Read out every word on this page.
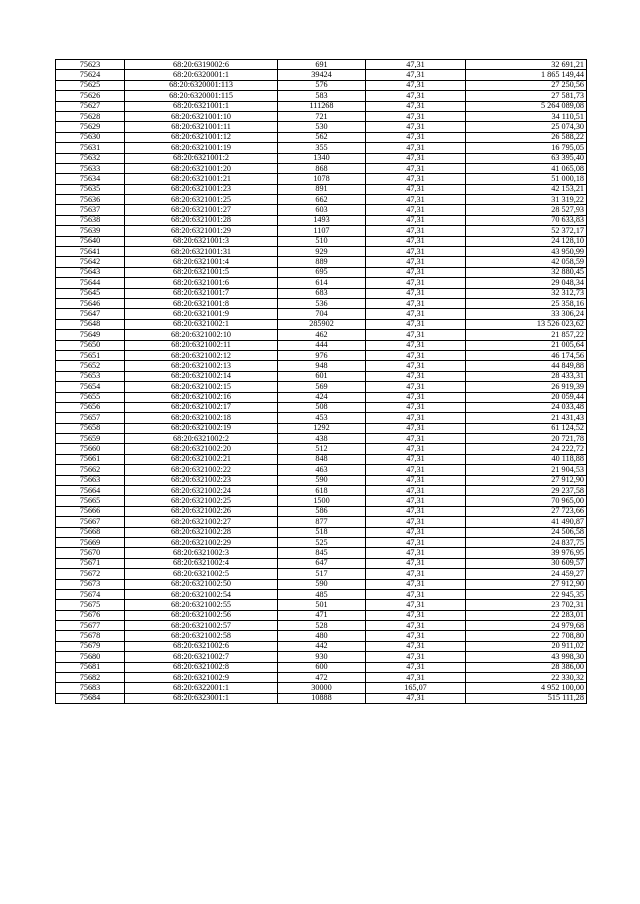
75623	68:20:6319002:6	691	47,31	32 691,21
75624	68:20:6320001:1	39424	47,31	1 865 149,44
75625	68:20:6320001:113	576	47,31	27 250,56
75626	68:20:6320001:115	583	47,31	27 581,73
75627	68:20:6321001:1	111268	47,31	5 264 089,08
75628	68:20:6321001:10	721	47,31	34 110,51
75629	68:20:6321001:11	530	47,31	25 074,30
75630	68:20:6321001:12	562	47,31	26 588,22
75631	68:20:6321001:19	355	47,31	16 795,05
75632	68:20:6321001:2	1340	47,31	63 395,40
75633	68:20:6321001:20	868	47,31	41 065,08
75634	68:20:6321001:21	1078	47,31	51 000,18
75635	68:20:6321001:23	891	47,31	42 153,21
75636	68:20:6321001:25	662	47,31	31 319,22
75637	68:20:6321001:27	603	47,31	28 527,93
75638	68:20:6321001:28	1493	47,31	70 633,83
75639	68:20:6321001:29	1107	47,31	52 372,17
75640	68:20:6321001:3	510	47,31	24 128,10
75641	68:20:6321001:31	929	47,31	43 950,99
75642	68:20:6321001:4	889	47,31	42 058,59
75643	68:20:6321001:5	695	47,31	32 880,45
75644	68:20:6321001:6	614	47,31	29 048,34
75645	68:20:6321001:7	683	47,31	32 312,73
75646	68:20:6321001:8	536	47,31	25 358,16
75647	68:20:6321001:9	704	47,31	33 306,24
75648	68:20:6321002:1	285902	47,31	13 526 023,62
75649	68:20:6321002:10	462	47,31	21 857,22
75650	68:20:6321002:11	444	47,31	21 005,64
75651	68:20:6321002:12	976	47,31	46 174,56
75652	68:20:6321002:13	948	47,31	44 849,88
75653	68:20:6321002:14	601	47,31	28 433,31
75654	68:20:6321002:15	569	47,31	26 919,39
75655	68:20:6321002:16	424	47,31	20 059,44
75656	68:20:6321002:17	508	47,31	24 033,48
75657	68:20:6321002:18	453	47,31	21 431,43
75658	68:20:6321002:19	1292	47,31	61 124,52
75659	68:20:6321002:2	438	47,31	20 721,78
75660	68:20:6321002:20	512	47,31	24 222,72
75661	68:20:6321002:21	848	47,31	40 118,88
75662	68:20:6321002:22	463	47,31	21 904,53
75663	68:20:6321002:23	590	47,31	27 912,90
75664	68:20:6321002:24	618	47,31	29 237,58
75665	68:20:6321002:25	1500	47,31	70 965,00
75666	68:20:6321002:26	586	47,31	27 723,66
75667	68:20:6321002:27	877	47,31	41 490,87
75668	68:20:6321002:28	518	47,31	24 506,58
75669	68:20:6321002:29	525	47,31	24 837,75
75670	68:20:6321002:3	845	47,31	39 976,95
75671	68:20:6321002:4	647	47,31	30 609,57
75672	68:20:6321002:5	517	47,31	24 459,27
75673	68:20:6321002:50	590	47,31	27 912,90
75674	68:20:6321002:54	485	47,31	22 945,35
75675	68:20:6321002:55	501	47,31	23 702,31
75676	68:20:6321002:56	471	47,31	22 283,01
75677	68:20:6321002:57	528	47,31	24 979,68
75678	68:20:6321002:58	480	47,31	22 708,80
75679	68:20:6321002:6	442	47,31	20 911,02
75680	68:20:6321002:7	930	47,31	43 998,30
75681	68:20:6321002:8	600	47,31	28 386,00
75682	68:20:6321002:9	472	47,31	22 330,32
75683	68:20:6322001:1	30000	165,07	4 952 100,00
75684	68:20:6323001:1	10888	47,31	515 111,28
